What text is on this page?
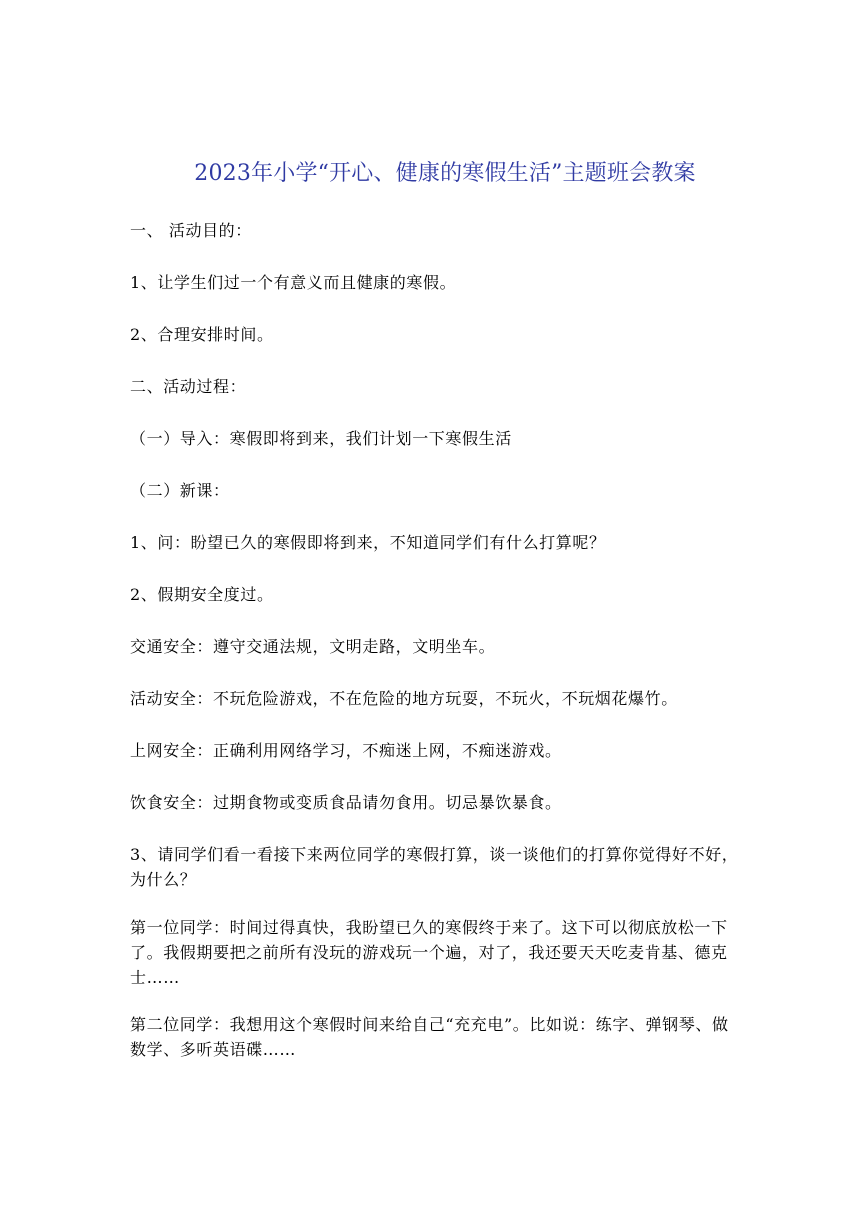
2023年小学“开心、健康的寒假生活”主题班会教案

一、 活动目的：

1、让学生们过一个有意义而且健康的寒假。

2、合理安排时间。

二、活动过程：

（一）导入：寒假即将到来，我们计划一下寒假生活

（二）新课：

1、问：盼望已久的寒假即将到来，不知道同学们有什么打算呢？

2、假期安全度过。

交通安全：遵守交通法规，文明走路，文明坐车。

活动安全：不玩危险游戏，不在危险的地方玩耍，不玩火，不玩烟花爆竹。

上网安全：正确利用网络学习，不痴迷上网，不痴迷游戏。

饮食安全：过期食物或变质食品请勿食用。切忌暴饮暴食。

3、请同学们看一看接下来两位同学的寒假打算，谈一谈他们的打算你觉得好不好，为什么？

第一位同学：时间过得真快，我盼望已久的寒假终于来了。这下可以彻底放松一下了。我假期要把之前所有没玩的游戏玩一个遍，对了，我还要天天吃麦肯基、德克士……

第二位同学：我想用这个寒假时间来给自己“充充电”。比如说：练字、弹钢琴、做数学、多听英语碟……
